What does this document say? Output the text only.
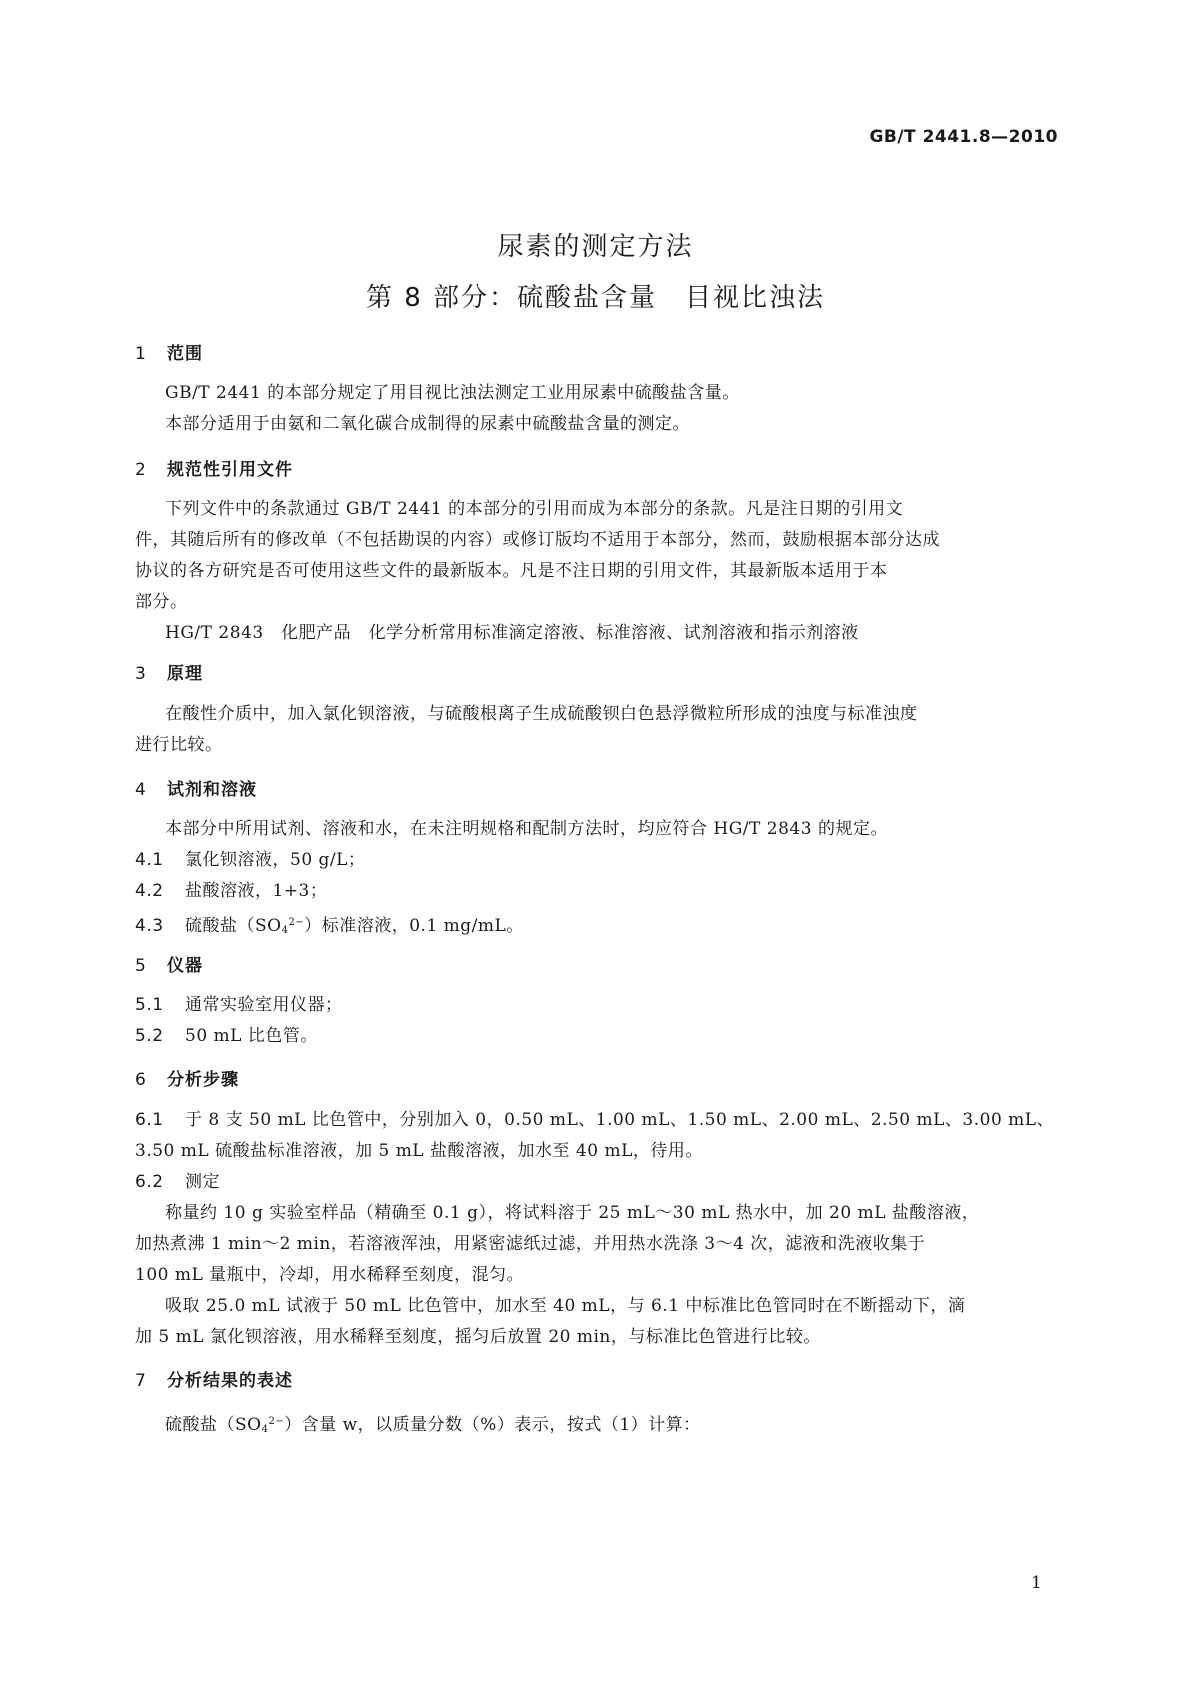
GB/T 2441.8—2010
尿素的测定方法
第 8 部分：硫酸盐含量　目视比浊法
1 范围
GB/T 2441 的本部分规定了用目视比浊法测定工业用尿素中硫酸盐含量。
本部分适用于由氨和二氧化碳合成制得的尿素中硫酸盐含量的测定。
2 规范性引用文件
下列文件中的条款通过 GB/T 2441 的本部分的引用而成为本部分的条款。凡是注日期的引用文
件，其随后所有的修改单（不包括勘误的内容）或修订版均不适用于本部分，然而，鼓励根据本部分达成
协议的各方研究是否可使用这些文件的最新版本。凡是不注日期的引用文件，其最新版本适用于本
部分。
HG/T 2843　化肥产品　化学分析常用标准滴定溶液、标准溶液、试剂溶液和指示剂溶液
3 原理
在酸性介质中，加入氯化钡溶液，与硫酸根离子生成硫酸钡白色悬浮微粒所形成的浊度与标准浊度
进行比较。
4 试剂和溶液
本部分中所用试剂、溶液和水，在未注明规格和配制方法时，均应符合 HG/T 2843 的规定。
4.1 氯化钡溶液，50 g/L；
4.2 盐酸溶液，1+3；
4.3 硫酸盐$(SO_4^{2-})$标准溶液，0.1 mg/mL。
5 仪器
5.1 通常实验室用仪器；
5.2 50 mL 比色管。
6 分析步骤
6.1 于 8 支 50 mL 比色管中，分别加入 0，0.50 mL、1.00 mL、1.50 mL、2.00 mL、2.50 mL、3.00 mL、
3.50 mL 硫酸盐标准溶液，加 5 mL 盐酸溶液，加水至 40 mL，待用。
6.2 测定
称量约 10 g 实验室样品（精确至 0.1 g），将试料溶于 25 mL～30 mL 热水中，加 20 mL 盐酸溶液，
加热煮沸 1 min～2 min，若溶液浑浊，用紧密滤纸过滤，并用热水洗涤 3～4 次，滤液和洗液收集于
100 mL 量瓶中，冷却，用水稀释至刻度，混匀。
吸取 25.0 mL 试液于 50 mL 比色管中，加水至 40 mL，与 6.1 中标准比色管同时在不断摇动下，滴
加 5 mL 氯化钡溶液，用水稀释至刻度，摇匀后放置 20 min，与标准比色管进行比较。
7 分析结果的表述
硫酸盐$(SO_4^{2-})$含量 w，以质量分数（%）表示，按式（1）计算：
1
